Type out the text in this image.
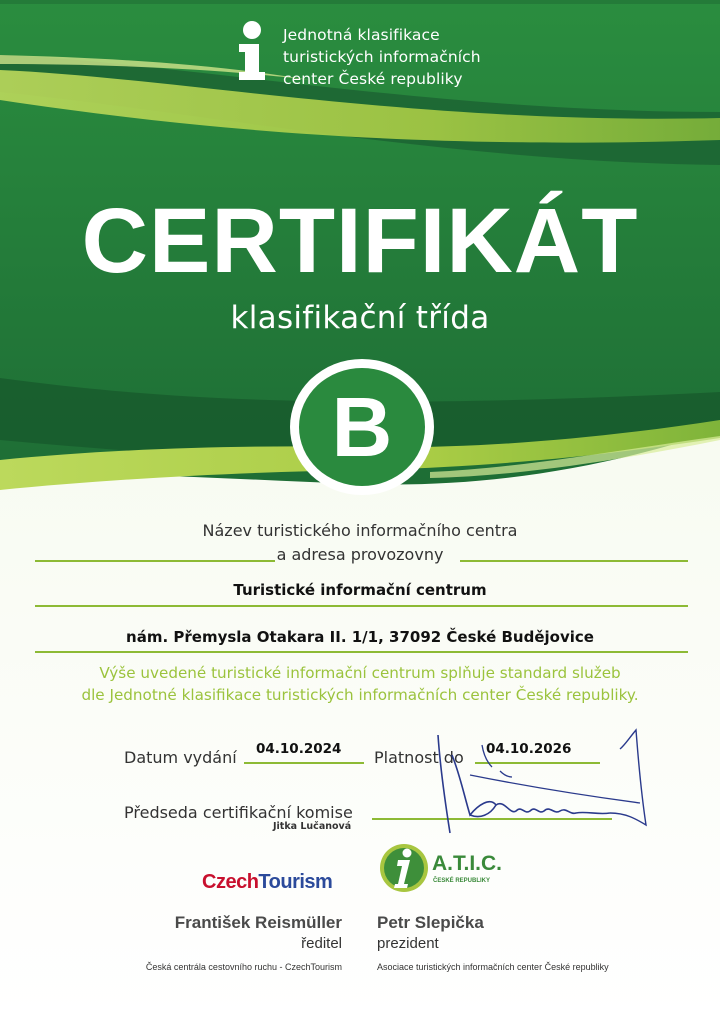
Jednotná klasifikace
turistických informačních
center České republiky
CERTIFIKÁT
klasifikační třída
B
Název turistického informačního centra
a adresa provozovny
Turistické informační centrum
nám. Přemysla Otakara II. 1/1, 37092 České Budějovice
Výše uvedené turistické informační centrum splňuje standard služeb
dle Jednotné klasifikace turistických informačních center České republiky.
Datum vydání 04.10.2024 Platnost do 04.10.2026
Předseda certifikační komise
Jitka Lučanová
CzechTourism
A.T.I.C.
ČESKÉ REPUBLIKY
František Reismüller
ředitel
Česká centrála cestovního ruchu - CzechTourism
Petr Slepička
prezident
Asociace turistických informačních center České republiky
